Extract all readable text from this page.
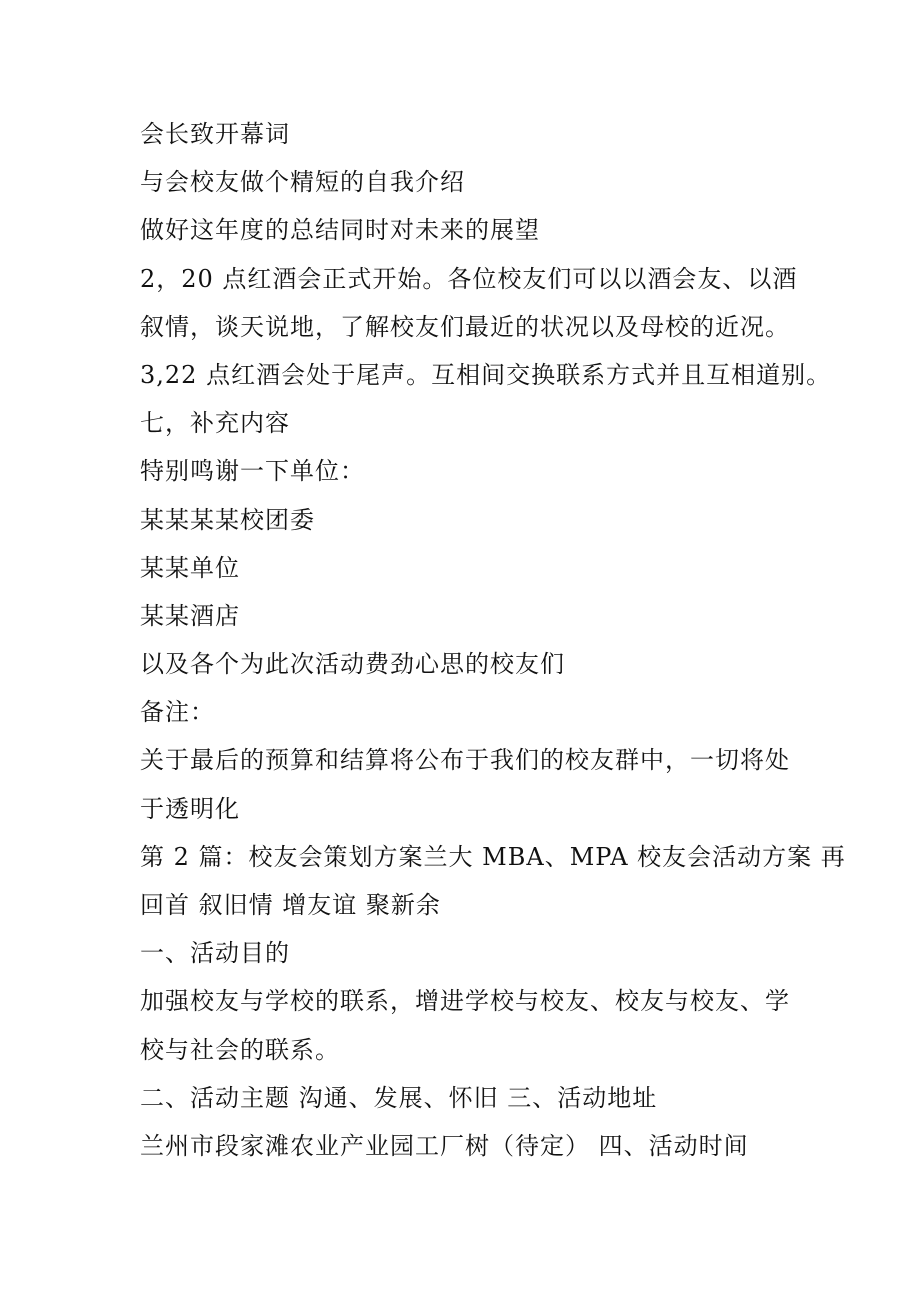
会长致开幕词
与会校友做个精短的自我介绍
做好这年度的总结同时对未来的展望
2，20 点红酒会正式开始。各位校友们可以以酒会友、以酒
叙情，谈天说地，了解校友们最近的状况以及母校的近况。
3,22 点红酒会处于尾声。互相间交换联系方式并且互相道别。
七，补充内容
特别鸣谢一下单位：
某某某某校团委
某某单位
某某酒店
以及各个为此次活动费劲心思的校友们
备注：
关于最后的预算和结算将公布于我们的校友群中，一切将处
于透明化
第 2 篇：校友会策划方案兰大 MBA、MPA 校友会活动方案 再
回首 叙旧情 增友谊 聚新余
一、活动目的
加强校友与学校的联系，增进学校与校友、校友与校友、学
校与社会的联系。
二、活动主题 沟通、发展、怀旧 三、活动地址
兰州市段家滩农业产业园工厂树（待定） 四、活动时间
